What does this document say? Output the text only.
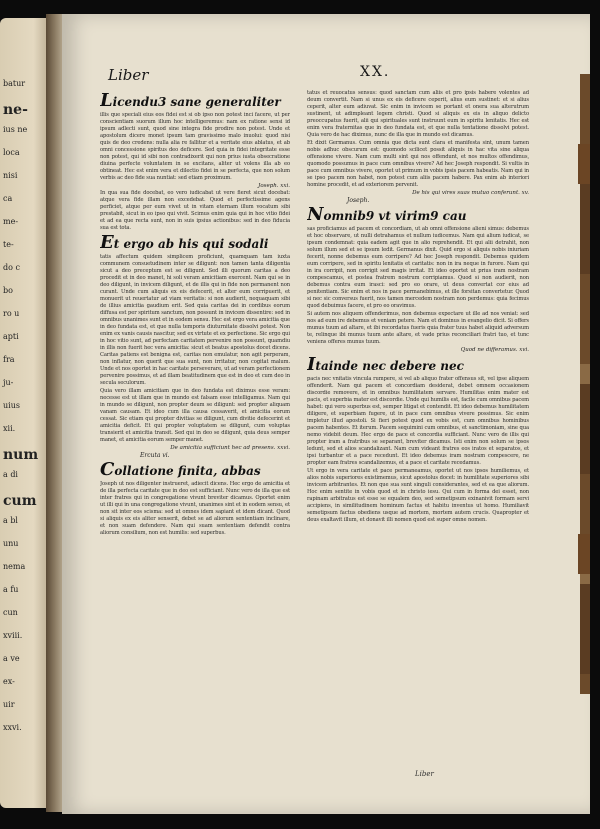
batur
ne-
ius ne
loca
nisi
ca
me-
te-
do c
bo
ro u
apti
fra
ju-
uius
xii.
num
a di
cum
a bl
unu
nema
a fu
cun
xviii.
a ve
ex-
uir
xxvi.
Liber	XX.
Licendu3 sane generaliter
illis que speciali eius eos fidei est si ob ipso non potest inci facere, ut per conscientiam suorum illum hoc intelligeremus: nam ex ratione sensi id ipsum adlecti sunt, quod sine integra fide prodire non potest. Unde et apostolum dicere monet ipsum tam gravissimo malo inuolui: quod nisi quis de deo credens: nulla alia re fallitur et a veritate eius ablatus, et ab omni concessione spiritus deo deficere. Sed quia in fidei integritate esse non potest, qui id sibi non contradixerit qui non prius iusta obsecratione diuina perfecte voluntatem in se excitans, aliter ut volens illa ab eo obtineat. Hec est enim vera et dilectio fidei in se perfecta, que non solum verbis ac deo fide sua nuntiat: sed etiam proximum.
Joseph. xxi.
In qua sua fide docebat, eo vero iudicabat ut vere fieret sicut docebat: atque vera fide illam non excedebat. Quod et perfectissime agens perficiet, atque per eum vivet ut in vitam eternam illum vocatum sibi prestabit, sicut in eo ipso qui vivit. Scimus enim quia qui in hoc vitio fidei et ad ea que recta sunt, non in suis ipsius actionibus: sed in deo fiducia sua est tota.
Et ergo ab his qui sodali
tatis affectum quidem simplicem proficiunt, quamquam tam iuxta communem consuetudinem inter se diligunt: non tamen tanta diligentia sicut a deo preceptum est se diligunt. Sed illi quorum caritas a deo procedit et in deo manet, hi soli veram amicitiam exercent. Nam qui se in deo diligunt, in invicem diligunt, et de illis qui in fide non permanent non curant. Unde cum aliquis ex eis defecerit, et alter eum corripuerit, et monuerit ut reuertatur ad viam veritatis: si non audierit, nequaquam sibi de illius amicitia gaudium erit. Sed quia caritas dei in cordibus eorum diffusa est per spiritum sanctum, non possunt in invicem dissentire: sed in omnibus unanimes sunt et in eodem sensu. Hec est ergo vera amicitia que in deo fundata est, et que nulla temporis diuturnitate dissolvi potest. Non enim ex vanis causis nascitur, sed ex virtute et ex perfectione. Sic ergo qui in hoc vitio sunt, ad perfectam caritatem pervenire non possunt, quamdiu in illis non fuerit hec vera amicitia: sicut et beatus apostolus docet dicens. Caritas patiens est benigna est, caritas non emulatur, non agit perperam, non inflatur, non querit que sua sunt, non irritatur, non cogitat malum. Unde et nos oportet in hac caritate perseverare, ut ad veram perfectionem pervenire possimus, et ad illam beatitudinem que est in deo et cum deo in secula seculorum.
Quia vero illam amicitiam que in deo fundata est diximus esse veram: necesse est ut illam que in mundo est falsam esse intelligamus. Nam qui in mundo se diligunt, non propter deum se diligunt: sed propter aliquam vanam causam. Et ideo cum illa causa cessaverit, et amicitia eorum cessat. Sic etiam qui propter divitias se diligunt, cum divitie defecerint et amicitia deficit. Et qui propter voluptatem se diligunt, cum voluptas transierit et amicitia transit. Sed qui in deo se diligunt, quia deus semper manet, et amicitia eorum semper manet.
De amicitia sufficiunt hec ad presens. xxvi.
Ercuta vi.
Collatione finita, abbas
Joseph ut nos diligenter instrueret, adiecit dicens. Hec ergo de amicitia et de illa perfecta caritate que in deo est sufficiant. Nunc vero de illa que est inter fratres qui in congregatione vivunt breviter dicamus. Oportet enim ut illi qui in una congregatione vivunt, unanimes sint et in eodem sensu, et non sit inter eos scisma: sed ut omnes idem sapiant et idem dicant. Quod si aliquis ex eis aliter senserit, debet se ad aliorum sententiam inclinare, et non suam defendere. Nam qui suam sententiam defendit contra aliorum consilium, non est humilis: sed superbus.
tatus et reuocatus sensus: quod sanctam cum aliis et pro ipsis habere volentes ad deum convertit. Nam si unus ex eis deficere ceperit, alius eum sustinet: et si alius ceperit, alter eum adiuvat. Sic enim in invicem se portant et onera sua alterutrum sustinent, ut adimpleant legem christi. Quod si aliquis ex eis in aliquo delicto preoccupatus fuerit, alii qui spirituales sunt instruunt eum in spiritu lenitatis. Hec est enim vera fraternitas que in deo fundata est, et que nulla tentatione dissolvi potest. Quia vero de hac diximus, nunc de illa que in mundo est dicamus.
Et dixit Germanus. Cum omnia que dicta sunt clara et manifesta sint, unum tamen nobis adhuc obscurum est: quomodo scilicet possit aliquis in hac vita sine aliqua offensione vivere. Nam cum multi sint qui nos offendunt, et nos multos offendimus, quomodo possumus in pace cum omnibus vivere? Ad hec Joseph respondit. Si vultis in pace cum omnibus vivere, oportet ut primum in vobis ipsis pacem habeatis. Nam qui in se ipso pacem non habet, non potest cum aliis pacem habere. Pax enim ab interiori homine procedit, et ad exteriorem pervenit.
De his qui vires suas mutuo conferunt. xv.
Joseph.
Nomnib9 vt virim9 cau
sas proficiamus ad pacem et concordiam, ut ab omni offensione alieni simus: debemus et hoc observare, ut nulli detrahamus et nullum iudicemus. Nam qui alium iudicat, se ipsum condemnat: quia eadem agit que in alio reprehendit. Et qui alii detrahit, non solum illum sed et se ipsum ledit. Germanus dixit. Quid ergo si aliquis nobis iniuriam fecerit, nonne debemus eum corripere? Ad hec Joseph respondit. Debemus quidem eum corripere, sed in spiritu lenitatis et caritatis: non in ira neque in furore. Nam qui in ira corripit, non corrigit sed magis irritat. Et ideo oportet ut prius iram nostram compescamus, et postea fratrem nostrum corripiamus. Quod si non audierit, non debemus contra eum irasci: sed pro eo orare, ut deus convertat cor eius ad penitentiam. Sic enim et nos in pace permanebimus, et ille forsitan convertetur. Quod si nec sic conversus fuerit, nos tamen mercedem nostram non perdemus: quia fecimus quod debuimus facere, et pro eo oravimus.
Si autem nos aliquem offenderimus, non debemus expectare ut ille ad nos veniat: sed nos ad eum ire debemus et veniam petere. Nam et dominus in evangelio dicit. Si offers munus tuum ad altare, et ibi recordatus fueris quia frater tuus habet aliquid adversum te, relinque ibi munus tuum ante altare, et vade prius reconciliari fratri tuo, et tunc veniens offeres munus tuum.
Quod ne differamus. xvi.
Itainde nec debere nec
pacis nec vnitatis vincula rumpere, si vel ab aliquo frater offensus sit, vel ipse aliquem offenderit. Nam qui pacem et concordiam desiderat, debet omnem occasionem discordie removere, et in omnibus humilitatem servare. Humilitas enim mater est pacis, et superbia mater est discordie. Unde qui humilis est, facile cum omnibus pacem habet: qui vero superbus est, semper litigat et contendit. Et ideo debemus humilitatem diligere, et superbiam fugere, ut in pace cum omnibus vivere possimus. Sic enim impletur illud apostoli. Si fieri potest quod ex vobis est, cum omnibus hominibus pacem habentes. Et iterum. Pacem sequimini cum omnibus, et sanctimoniam, sine qua nemo videbit deum. Hec ergo de pace et concordia sufficiant. Nunc vero de illis qui propter iram a fratribus se separant, breviter dicamus. Isti enim non solum se ipsos ledunt, sed et alios scandalizant. Nam cum videant fratres eos iratos et separatos, et ipsi turbantur et a pace recedunt. Et ideo debemus iram nostram compescere, ne propter eam fratres scandalizemus, et a pace et caritate recedamus.
Ut ergo in vera caritate et pace permaneamus, oportet ut nos ipsos humiliemus, et alios nobis superiores existimemus, sicut apostolus docet: in humilitate superiores sibi invicem arbitrantes. Et non que sua sunt singuli considerantes, sed et ea que aliorum. Hoc enim sentite in vobis quod et in christo iesu. Qui cum in forma dei esset, non rapinam arbitratus est esse se equalem deo, sed semetipsum exinanivit formam servi accipiens, in similitudinem hominum factus et habitu inventus ut homo. Humiliavit semetipsum factus obediens usque ad mortem, mortem autem crucis. Quapropter et deus exaltavit illum, et donavit illi nomen quod est super omne nomen.
Liber
